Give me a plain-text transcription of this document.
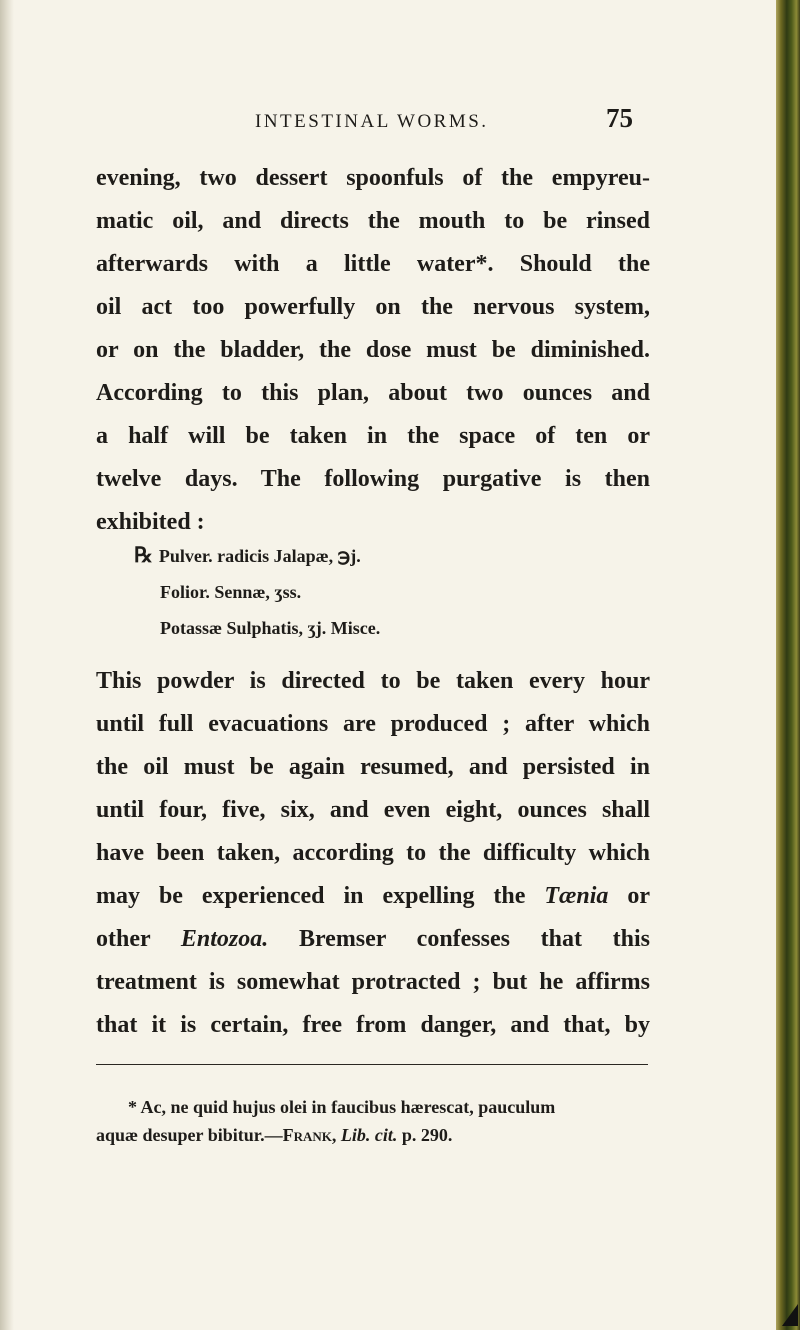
INTESTINAL WORMS.	75
evening, two dessert spoonfuls of the empyreu-
matic oil, and directs the mouth to be rinsed
afterwards with a little water*. Should the
oil act too powerfully on the nervous system,
or on the bladder, the dose must be diminished.
According to this plan, about two ounces and
a half will be taken in the space of ten or
twelve days. The following purgative is then
exhibited :
℞ Pulver. radicis Jalapæ, ℈j.
Folior. Sennæ, ʒss.
Potassæ Sulphatis, ʒj. Misce.
This powder is directed to be taken every hour
until full evacuations are produced ; after which
the oil must be again resumed, and persisted in
until four, five, six, and even eight, ounces shall
have been taken, according to the difficulty which
may be experienced in expelling the Tænia or
other Entozoa. Bremser confesses that this
treatment is somewhat protracted ; but he affirms
that it is certain, free from danger, and that, by
* Ac, ne quid hujus olei in faucibus hærescat, pauculum
aquæ desuper bibitur.—Frank, Lib. cit. p. 290.
